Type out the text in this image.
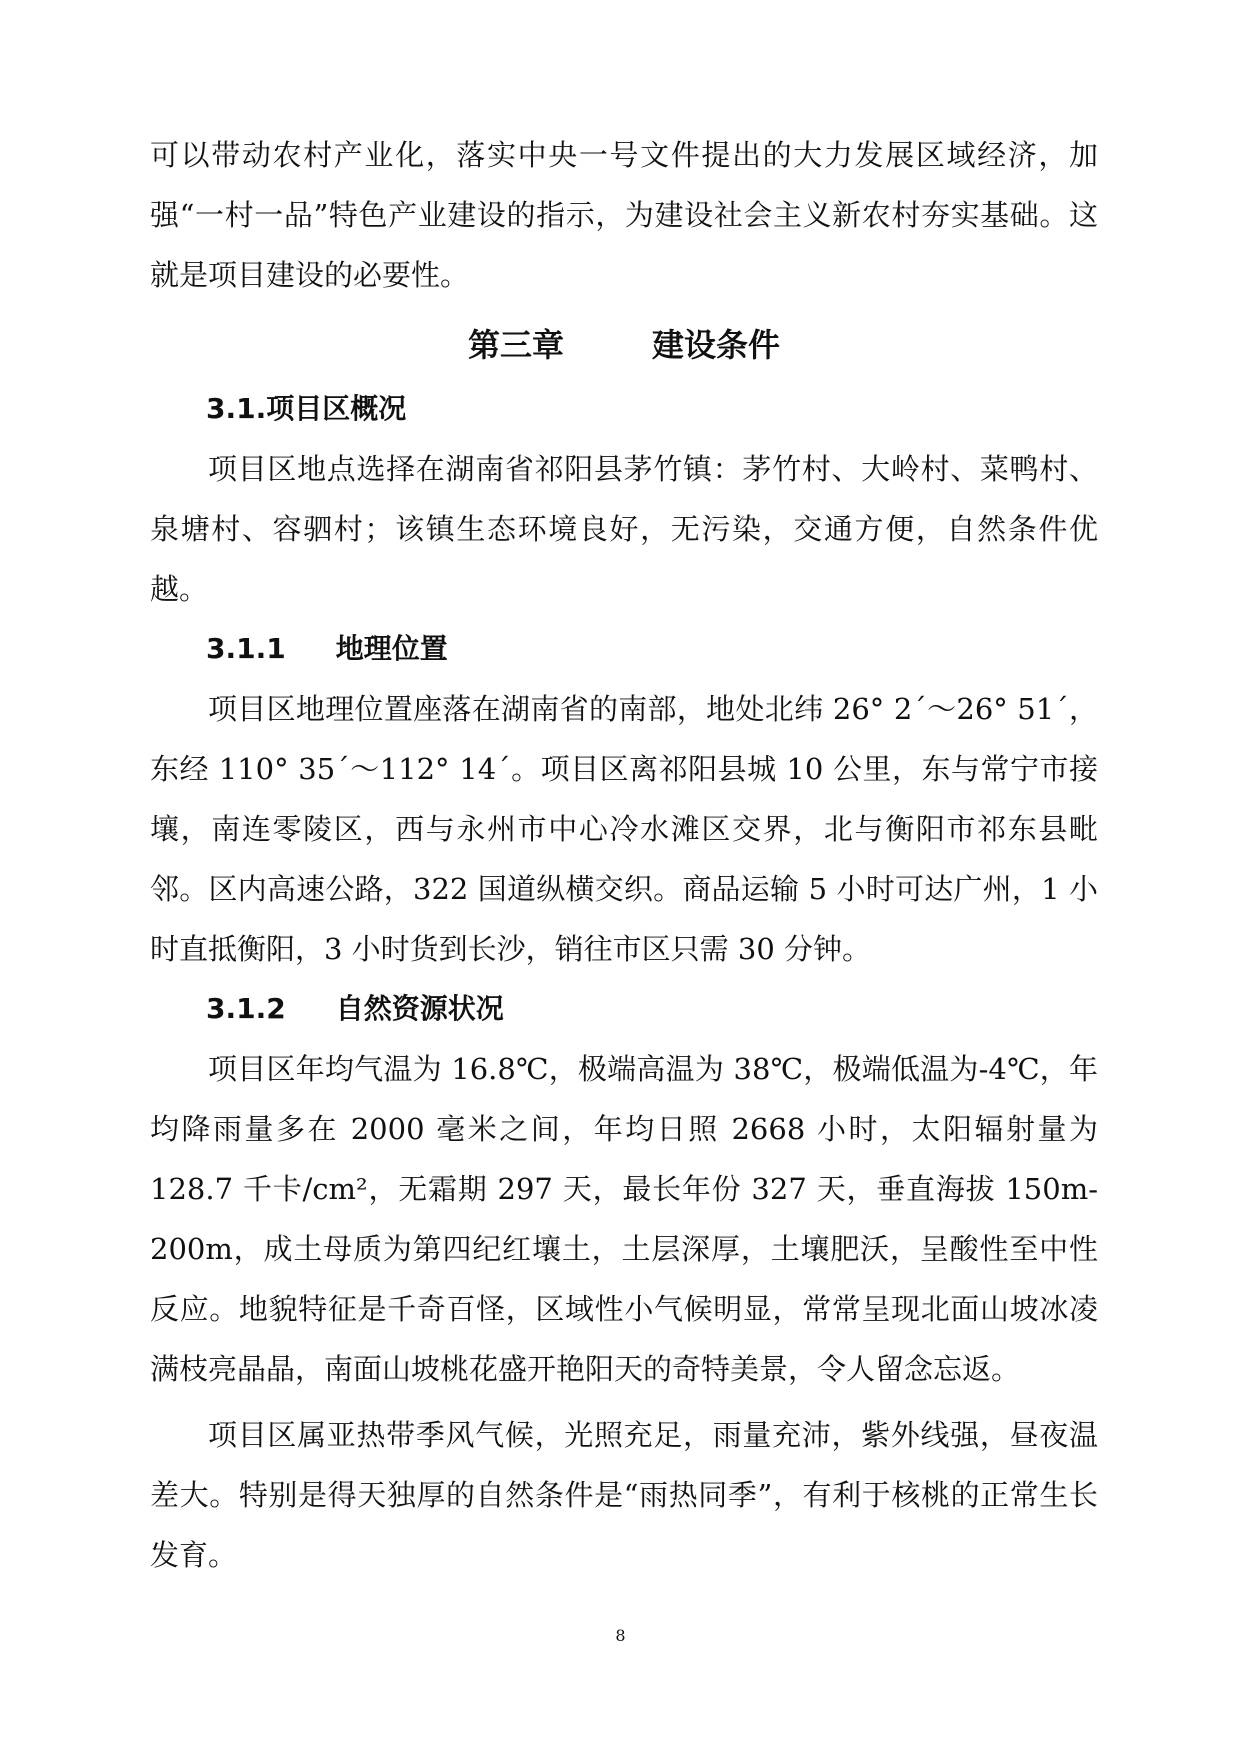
可以带动农村产业化，落实中央一号文件提出的大力发展区域经济，加强“一村一品”特色产业建设的指示，为建设社会主义新农村夯实基础。这就是项目建设的必要性。

第三章	建设条件
3.1.项目区概况

项目区地点选择在湖南省祁阳县茅竹镇：茅竹村、大岭村、菜鸭村、泉塘村、容驷村；该镇生态环境良好，无污染，交通方便，自然条件优越。

3.1.1 地理位置

项目区地理位置座落在湖南省的南部，地处北纬 26° 2´～26° 51´，东经 110° 35´～112° 14´。项目区离祁阳县城 10 公里，东与常宁市接壤，南连零陵区，西与永州市中心冷水滩区交界，北与衡阳市祁东县毗邻。区内高速公路，322 国道纵横交织。商品运输 5 小时可达广州，1 小时直抵衡阳，3 小时货到长沙，销往市区只需 30 分钟。

3.1.2 自然资源状况

项目区年均气温为 16.8℃，极端高温为 38℃，极端低温为-4℃，年均降雨量多在 2000 毫米之间，年均日照 2668 小时，太阳辐射量为 128.7 千卡/cm²，无霜期 297 天，最长年份 327 天，垂直海拔 150m-200m，成土母质为第四纪红壤土，土层深厚，土壤肥沃，呈酸性至中性反应。地貌特征是千奇百怪，区域性小气候明显，常常呈现北面山坡冰凌满枝亮晶晶，南面山坡桃花盛开艳阳天的奇特美景，令人留念忘返。

项目区属亚热带季风气候，光照充足，雨量充沛，紫外线强，昼夜温差大。特别是得天独厚的自然条件是“雨热同季”，有利于核桃的正常生长发育。

8
